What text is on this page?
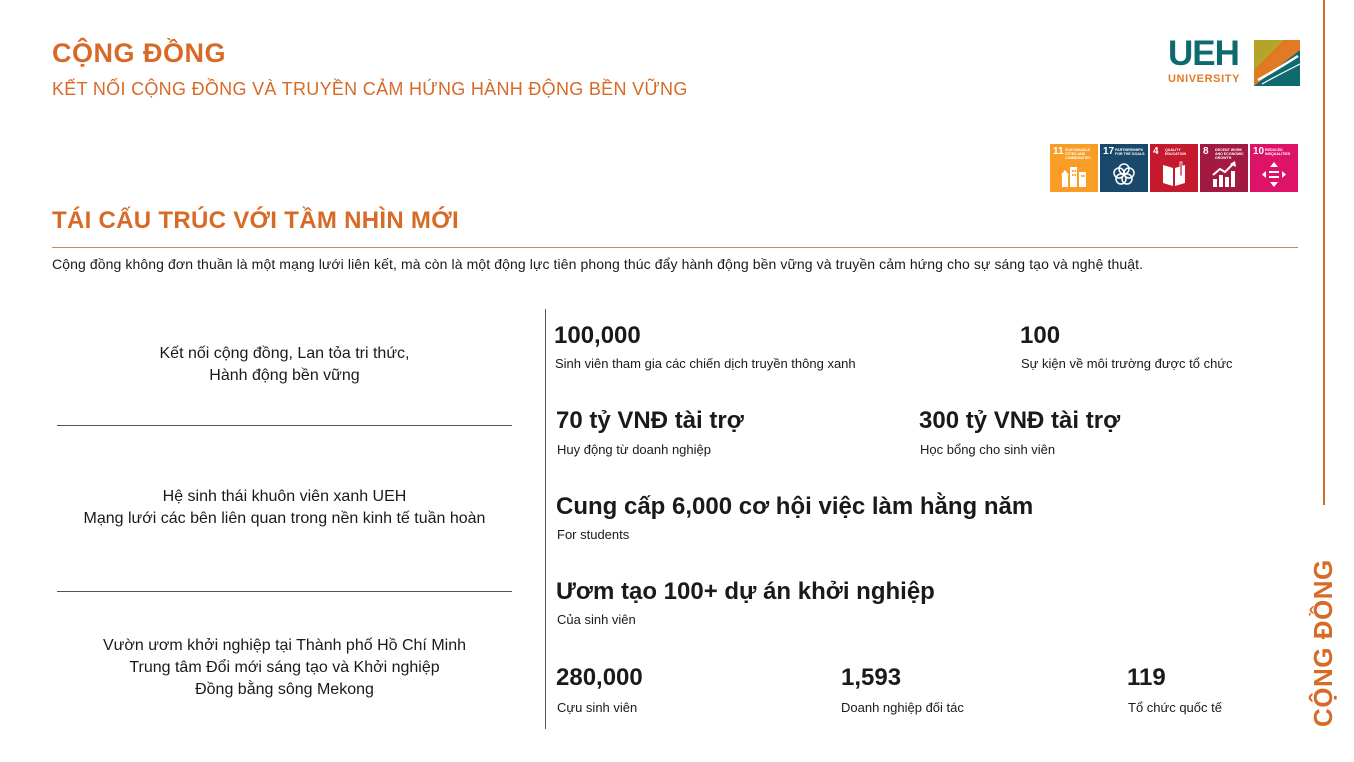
CỘNG ĐỒNG
KẾT NỐI CỘNG ĐỒNG VÀ TRUYỀN CẢM HỨNG HÀNH ĐỘNG BỀN VỮNG
UEH
UNIVERSITY
CỘNG ĐỒNG
11 SUSTAINABLE CITIES AND COMMUNITIES
17 PARTNERSHIPS FOR THE GOALS 4 QUALITY EDUCATION	8 DECENT WORK AND ECONOMIC GROWTH
10 REDUCED INEQUALITIES
TÁI CẤU TRÚC VỚI TẦM NHÌN MỚI
Cộng đồng không đơn thuần là một mạng lưới liên kết, mà còn là một động lực tiên phong thúc đẩy hành động bền vững và truyền cảm hứng cho sự sáng tạo và nghệ thuật.
Kết nối cộng đồng, Lan tỏa tri thức,
Hành động bền vững
Hệ sinh thái khuôn viên xanh UEH
Mạng lưới các bên liên quan trong nền kinh tế tuần hoàn
Vườn ươm khởi nghiệp tại Thành phố Hồ Chí Minh
Trung tâm Đổi mới sáng tạo và Khởi nghiệp
Đồng bằng sông Mekong
100,000
Sinh viên tham gia các chiến dịch truyền thông xanh
100
Sự kiện về môi trường được tổ chức
70 tỷ VNĐ tài trợ
Huy động từ doanh nghiệp
300 tỷ VNĐ tài trợ
Học bổng cho sinh viên
Cung cấp 6,000 cơ hội việc làm hằng năm
For students
Ươm tạo 100+ dự án khởi nghiệp
Của sinh viên
280,000
Cựu sinh viên
1,593
Doanh nghiệp đối tác
119
Tổ chức quốc tế
